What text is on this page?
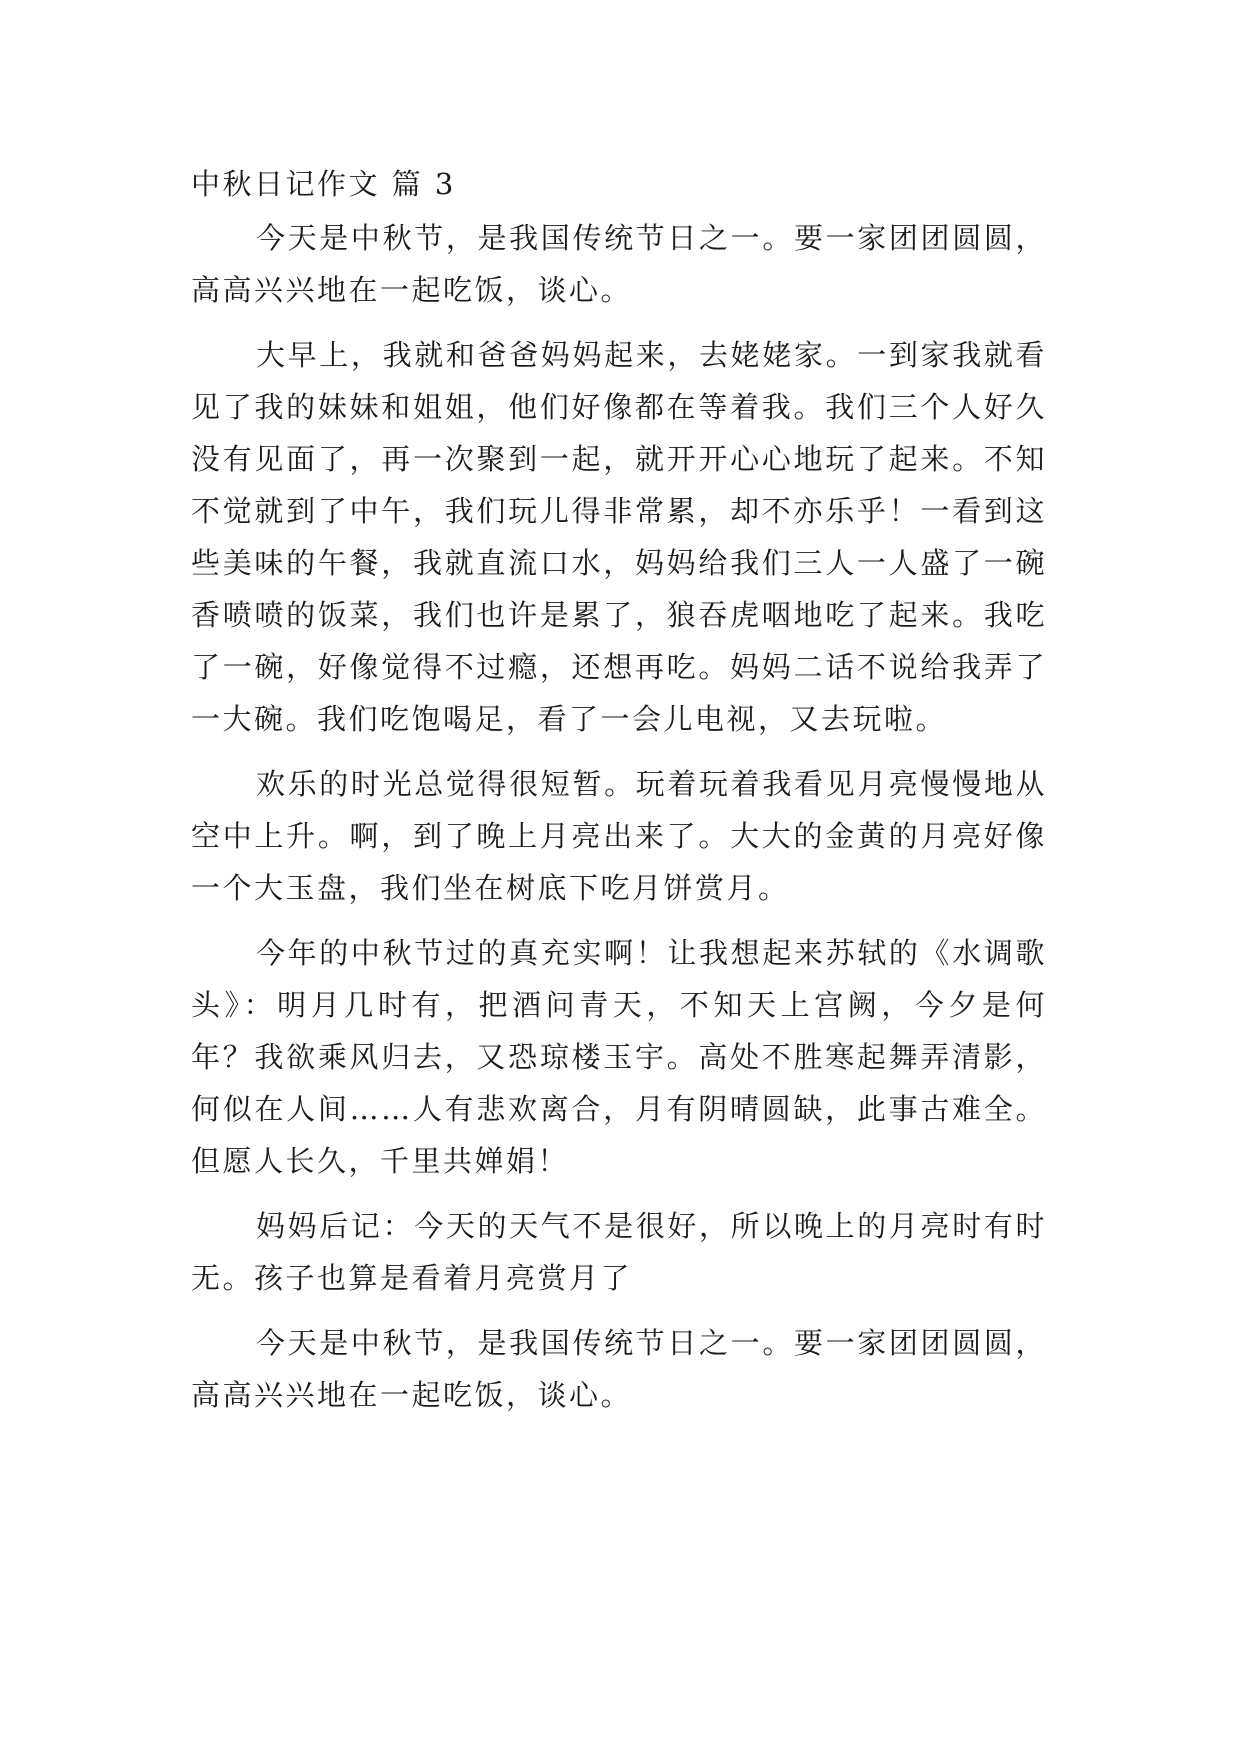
中秋日记作文 篇 3

今天是中秋节，是我国传统节日之一。要一家团团圆圆，高高兴兴地在一起吃饭，谈心。

大早上，我就和爸爸妈妈起来，去姥姥家。一到家我就看见了我的妹妹和姐姐，他们好像都在等着我。我们三个人好久没有见面了，再一次聚到一起，就开开心心地玩了起来。不知不觉就到了中午，我们玩儿得非常累，却不亦乐乎！一看到这些美味的午餐，我就直流口水，妈妈给我们三人一人盛了一碗香喷喷的饭菜，我们也许是累了，狼吞虎咽地吃了起来。我吃了一碗，好像觉得不过瘾，还想再吃。妈妈二话不说给我弄了一大碗。我们吃饱喝足，看了一会儿电视，又去玩啦。

欢乐的时光总觉得很短暂。玩着玩着我看见月亮慢慢地从空中上升。啊，到了晚上月亮出来了。大大的金黄的月亮好像一个大玉盘，我们坐在树底下吃月饼赏月。

今年的中秋节过的真充实啊！让我想起来苏轼的《水调歌头》：明月几时有，把酒问青天，不知天上宫阙，今夕是何年？我欲乘风归去，又恐琼楼玉宇。高处不胜寒起舞弄清影，何似在人间……人有悲欢离合，月有阴晴圆缺，此事古难全。但愿人长久，千里共婵娟！

妈妈后记：今天的天气不是很好，所以晚上的月亮时有时无。孩子也算是看着月亮赏月了

今天是中秋节，是我国传统节日之一。要一家团团圆圆，高高兴兴地在一起吃饭，谈心。
